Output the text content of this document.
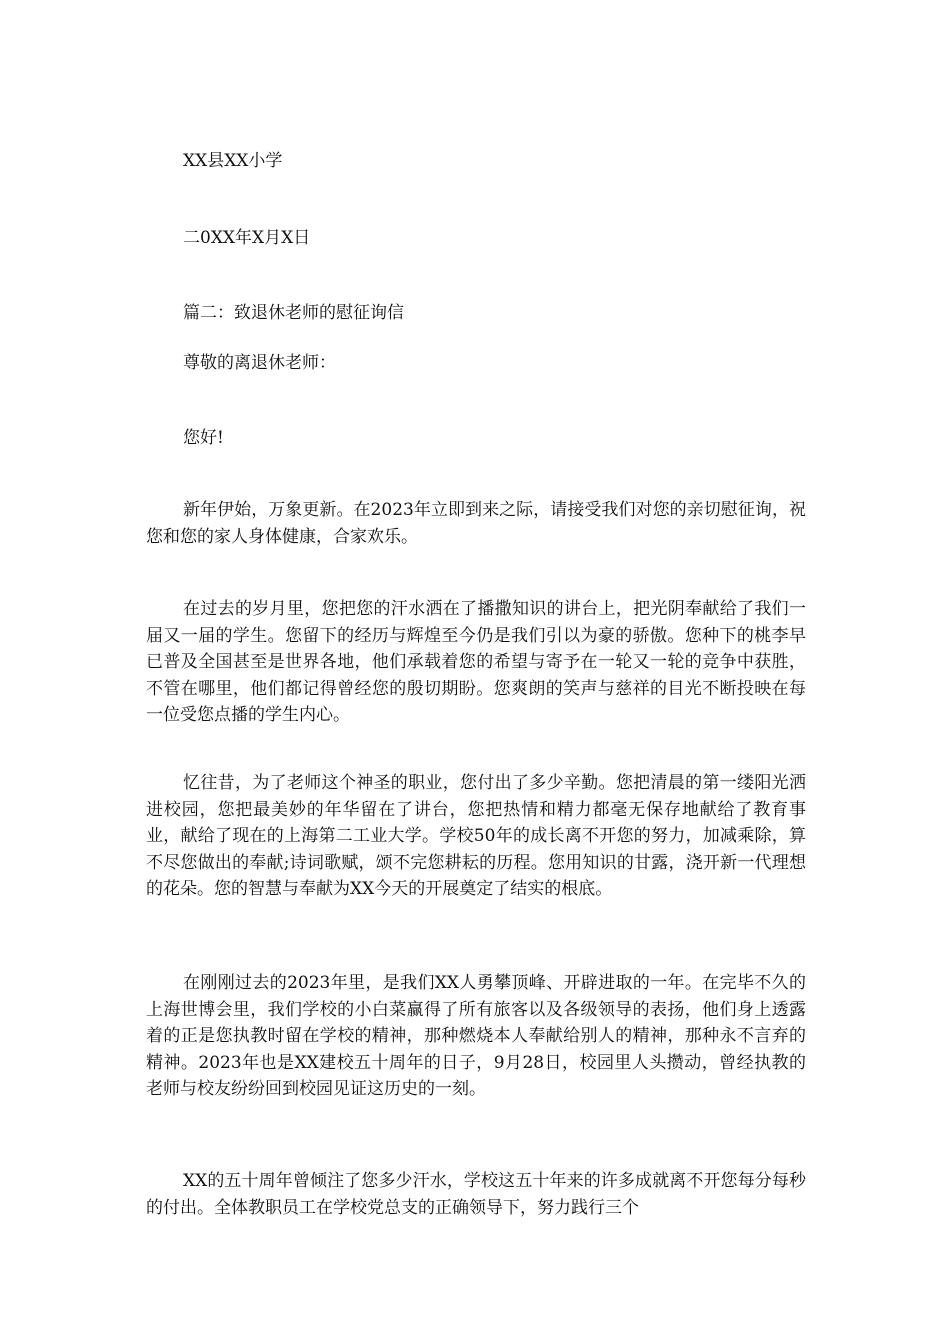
XX县XX小学
二0XX年X月X日
篇二：致退休老师的慰征询信
尊敬的离退休老师：
您好!

新年伊始，万象更新。在2023年立即到来之际，请接受我们对您的亲切慰征询，祝您和您的家人身体健康，合家欢乐。

在过去的岁月里，您把您的汗水洒在了播撒知识的讲台上，把光阴奉献给了我们一届又一届的学生。您留下的经历与辉煌至今仍是我们引以为豪的骄傲。您种下的桃李早已普及全国甚至是世界各地，他们承载着您的希望与寄予在一轮又一轮的竞争中获胜，不管在哪里，他们都记得曾经您的殷切期盼。您爽朗的笑声与慈祥的目光不断投映在每一位受您点播的学生内心。

忆往昔，为了老师这个神圣的职业，您付出了多少辛勤。您把清晨的第一缕阳光洒进校园，您把最美妙的年华留在了讲台，您把热情和精力都毫无保存地献给了教育事业，献给了现在的上海第二工业大学。学校50年的成长离不开您的努力，加减乘除，算不尽您做出的奉献;诗词歌赋，颂不完您耕耘的历程。您用知识的甘露，浇开新一代理想的花朵。您的智慧与奉献为XX今天的开展奠定了结实的根底。

在刚刚过去的2023年里，是我们XX人勇攀顶峰、开辟进取的一年。在完毕不久的上海世博会里，我们学校的小白菜赢得了所有旅客以及各级领导的表扬，他们身上透露着的正是您执教时留在学校的精神，那种燃烧本人奉献给别人的精神，那种永不言弃的精神。2023年也是XX建校五十周年的日子，9月28日，校园里人头攒动，曾经执教的老师与校友纷纷回到校园见证这历史的一刻。

XX的五十周年曾倾注了您多少汗水，学校这五十年来的许多成就离不开您每分每秒的付出。全体教职员工在学校党总支的正确领导下，努力践行三个
